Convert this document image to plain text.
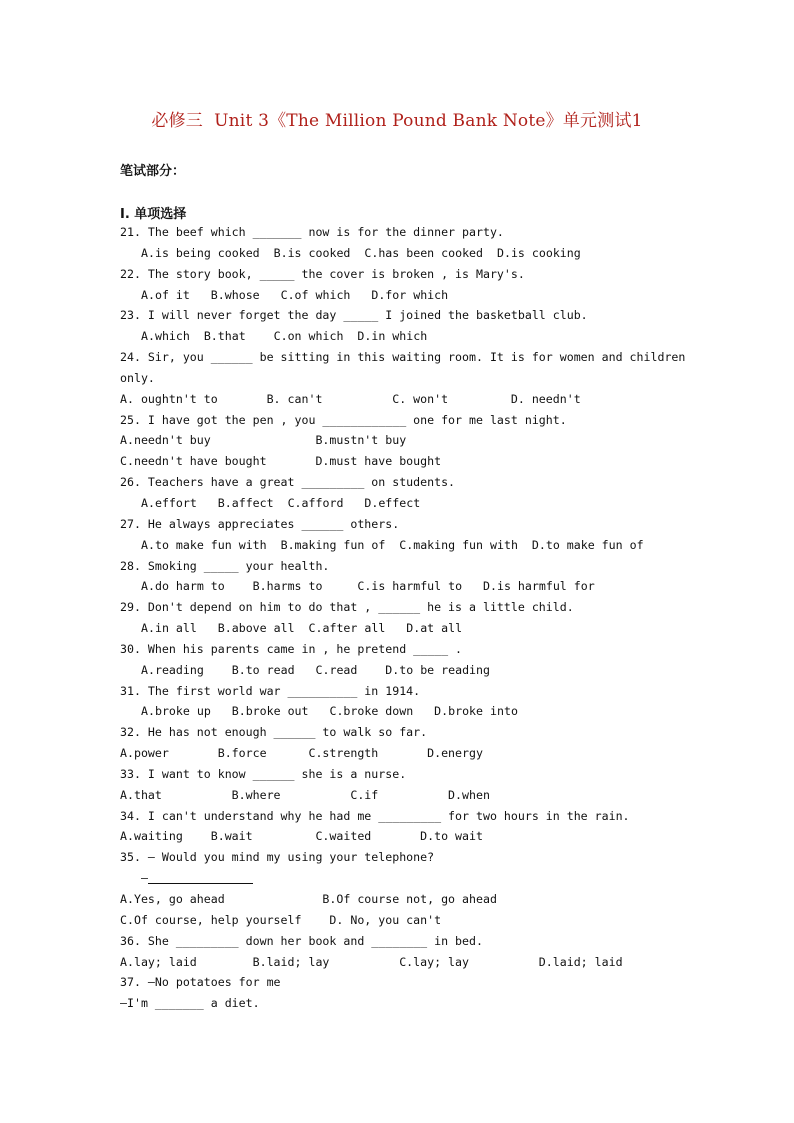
必修三  Unit 3《The Million Pound Bank Note》单元测试1
笔试部分：
I. 单项选择
21. The beef which _______ now is for the dinner party.
A.is being cooked  B.is cooked  C.has been cooked  D.is cooking
22. The story book, _____ the cover is broken , is Mary's.
A.of it   B.whose   C.of which   D.for which
23. I will never forget the day _____ I joined the basketball club.
A.which  B.that    C.on which  D.in which
24. Sir, you ______ be sitting in this waiting room. It is for women and children
only.
A. oughtn't to       B. can't          C. won't         D. needn't
25. I have got the pen , you ____________ one for me last night.
A.needn't buy               B.mustn't buy
C.needn't have bought       D.must have bought
26. Teachers have a great _________ on students.
A.effort   B.affect  C.afford   D.effect
27. He always appreciates ______ others.
A.to make fun with  B.making fun of  C.making fun with  D.to make fun of
28. Smoking _____ your health.
A.do harm to    B.harms to     C.is harmful to   D.is harmful for
29. Don't depend on him to do that , ______ he is a little child.
A.in all   B.above all  C.after all   D.at all
30. When his parents came in , he pretend _____ .
A.reading    B.to read   C.read    D.to be reading
31. The first world war __________ in 1914.
A.broke up   B.broke out   C.broke down   D.broke into
32. He has not enough ______ to walk so far.
A.power       B.force      C.strength       D.energy
33. I want to know ______ she is a nurse.
A.that          B.where          C.if          D.when
34. I can't understand why he had me _________ for two hours in the rain.
A.waiting    B.wait         C.waited       D.to wait
35. — Would you mind my using your telephone?
—
A.Yes, go ahead              B.Of course not, go ahead
C.Of course, help yourself    D. No, you can't
36. She _________ down her book and ________ in bed.
A.lay; laid        B.laid; lay          C.lay; lay          D.laid; laid
37. —No potatoes for me
—I'm _______ a diet.
